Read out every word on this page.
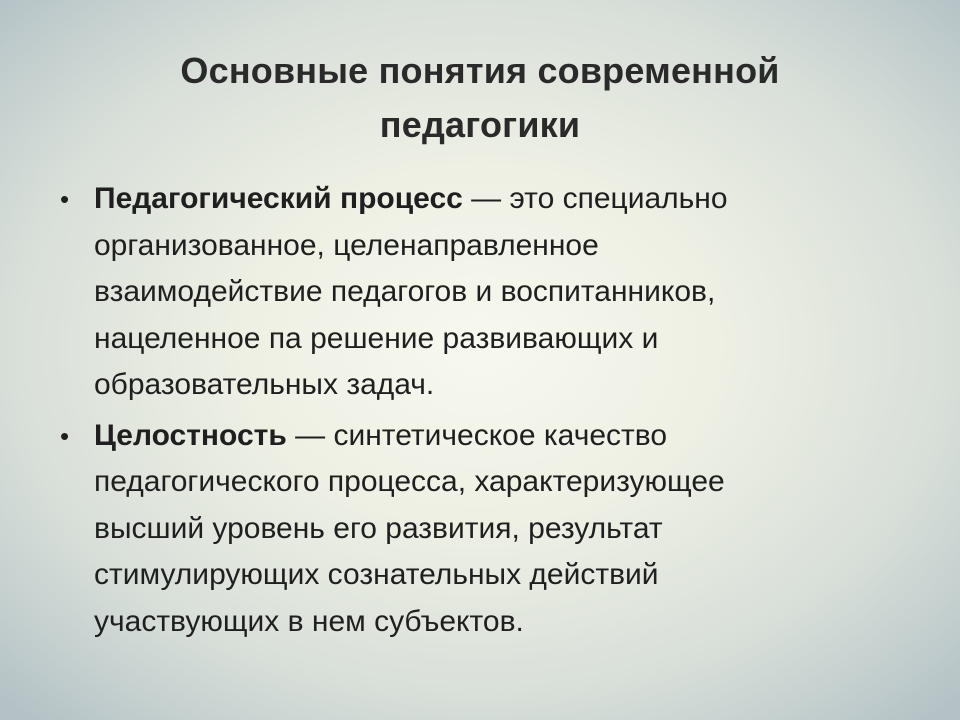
Основные понятия современной
педагогики
• Педагогический процесс — это специально
организованное, целенаправленное
взаимодействие педагогов и воспитанников,
нацеленное па решение развивающих и
образовательных задач.
• Целостность — синтетическое качество
педагогического процесса, характеризующее
высший уровень его развития, результат
стимулирующих сознательных действий
участвующих в нем субъектов.
